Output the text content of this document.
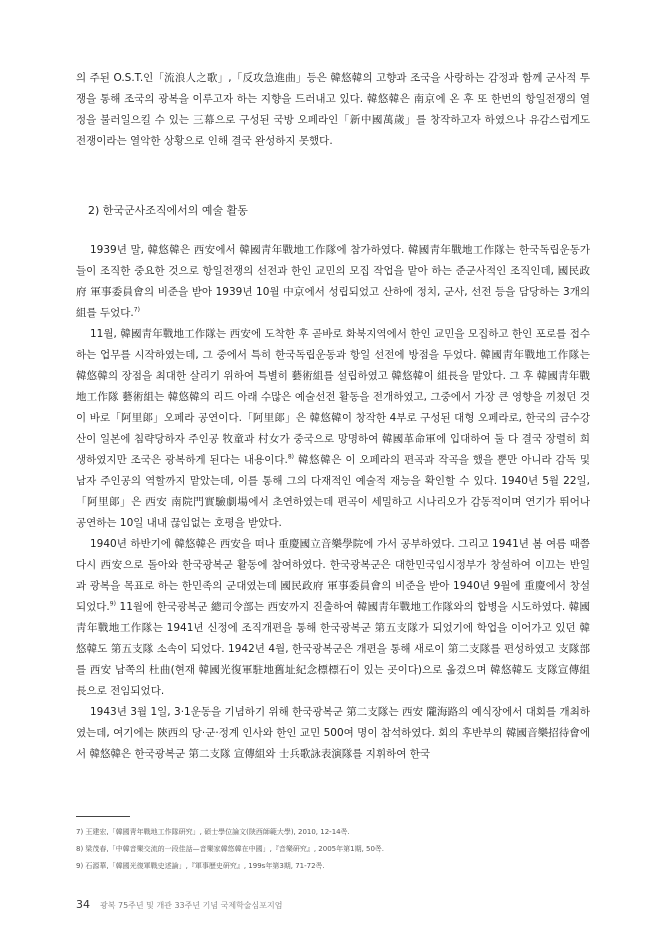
의 주된 O.S.T.인「流浪人之歌」,「反攻急進曲」등은 韓悠韓의 고향과 조국을 사랑하는 감정과 함께 군사적 투쟁을 통해 조국의 광복을 이루고자 하는 지향을 드러내고 있다. 韓悠韓은 南京에 온 후 또 한번의 항일전쟁의 열정을 불러일으킬 수 있는 三幕으로 구성된 국방 오페라인「新中國萬歲」를 창작하고자 하였으나 유감스럽게도 전쟁이라는 열악한 상황으로 인해 결국 완성하지 못했다.

2) 한국군사조직에서의 예술 활동

1939년 말, 韓悠韓은 西安에서 韓國靑年戰地工作隊에 참가하였다. 韓國靑年戰地工作隊는 한국독립운동가들이 조직한 중요한 것으로 항일전쟁의 선전과 한인 교민의 모집 작업을 맡아 하는 준군사적인 조직인데, 國民政府 軍事委員會의 비준을 받아 1939년 10월 中京에서 성립되었고 산하에 정치, 군사, 선전 등을 담당하는 3개의 組를 두었다.$^{7)}$

11월, 韓國靑年戰地工作隊는 西安에 도착한 후 곧바로 화북지역에서 한인 교민을 모집하고 한인 포로를 접수하는 업무를 시작하였는데, 그 중에서 특히 한국독립운동과 항일 선전에 방점을 두었다. 韓國靑年戰地工作隊는 韓悠韓의 장점을 최대한 살리기 위하여 특별히 藝術組를 설립하였고 韓悠韓이 組長을 맡았다. 그 후 韓國靑年戰地工作隊 藝術組는 韓悠韓의 리드 아래 수많은 예술선전 활동을 전개하였고, 그중에서 가장 큰 영향을 끼쳤던 것이 바로「阿里郞」오페라 공연이다.「阿里郞」은 韓悠韓이 창작한 4부로 구성된 대형 오페라로, 한국의 금수강산이 일본에 침략당하자 주인공 牧童과 村女가 중국으로 망명하여 韓國革命軍에 입대하여 둘 다 결국 장렬히 희생하였지만 조국은 광복하게 된다는 내용이다.$^{8)}$ 韓悠韓은 이 오페라의 편곡과 작곡을 했을 뿐만 아니라 감독 및 남자 주인공의 역할까지 맡았는데, 이를 통해 그의 다재적인 예술적 재능을 확인할 수 있다. 1940년 5월 22일,「阿里郞」은 西安 南院門實驗劇場에서 초연하였는데 편곡이 세밀하고 시나리오가 감동적이며 연기가 뛰어나 공연하는 10일 내내 끊임없는 호평을 받았다.

1940년 하반기에 韓悠韓은 西安을 떠나 重慶國立音樂學院에 가서 공부하였다. 그리고 1941년 봄 여름 때쯤 다시 西安으로 돌아와 한국광복군 활동에 참여하였다. 한국광복군은 대한민국임시정부가 창설하여 이끄는 반일과 광복을 목표로 하는 한민족의 군대였는데 國民政府 軍事委員會의 비준을 받아 1940년 9월에 重慶에서 창설되었다.$^{9)}$ 11월에 한국광복군 總司令部는 西安까지 진출하여 韓國靑年戰地工作隊와의 합병을 시도하였다. 韓國靑年戰地工作隊는 1941년 신정에 조직개편을 통해 한국광복군 第五支隊가 되었기에 학업을 이어가고 있던 韓悠韓도 第五支隊 소속이 되었다. 1942년 4월, 한국광복군은 개편을 통해 새로이 第二支隊를 편성하였고 支隊部를 西安 남쪽의 杜曲(현재 韓國光復軍駐地舊址紀念標標石이 있는 곳이다)으로 옮겼으며 韓悠韓도 支隊宣傳組長으로 전임되었다.

1943년 3월 1일, 3·1운동을 기념하기 위해 한국광복군 第二支隊는 西安 隴海路의 예식장에서 대회를 개최하였는데, 여기에는 陝西의 당·군·정계 인사와 한인 교민 500여 명이 참석하였다. 회의 후반부의 韓國音樂招待會에서 韓悠韓은 한국광복군 第二支隊 宣傳組와 士兵歌詠表演隊를 지휘하여 한국

7) 王建宏,「韓國靑年戰地工作隊硏究」, 碩士學位論文(陝西師範大學), 2010, 12-14쪽.
8) 梁茂春,「中韓音樂交流的一段佳話—音樂家韓悠韓在中國」,『音樂硏究』, 2005年第1期, 50쪽.
9) 石源華,「韓國光復軍戰史述論」,『軍事歷史硏究』, 199s年第3期, 71-72쪽.
34 광복 75주년 및 개관 33주년 기념 국제학술심포지엄
